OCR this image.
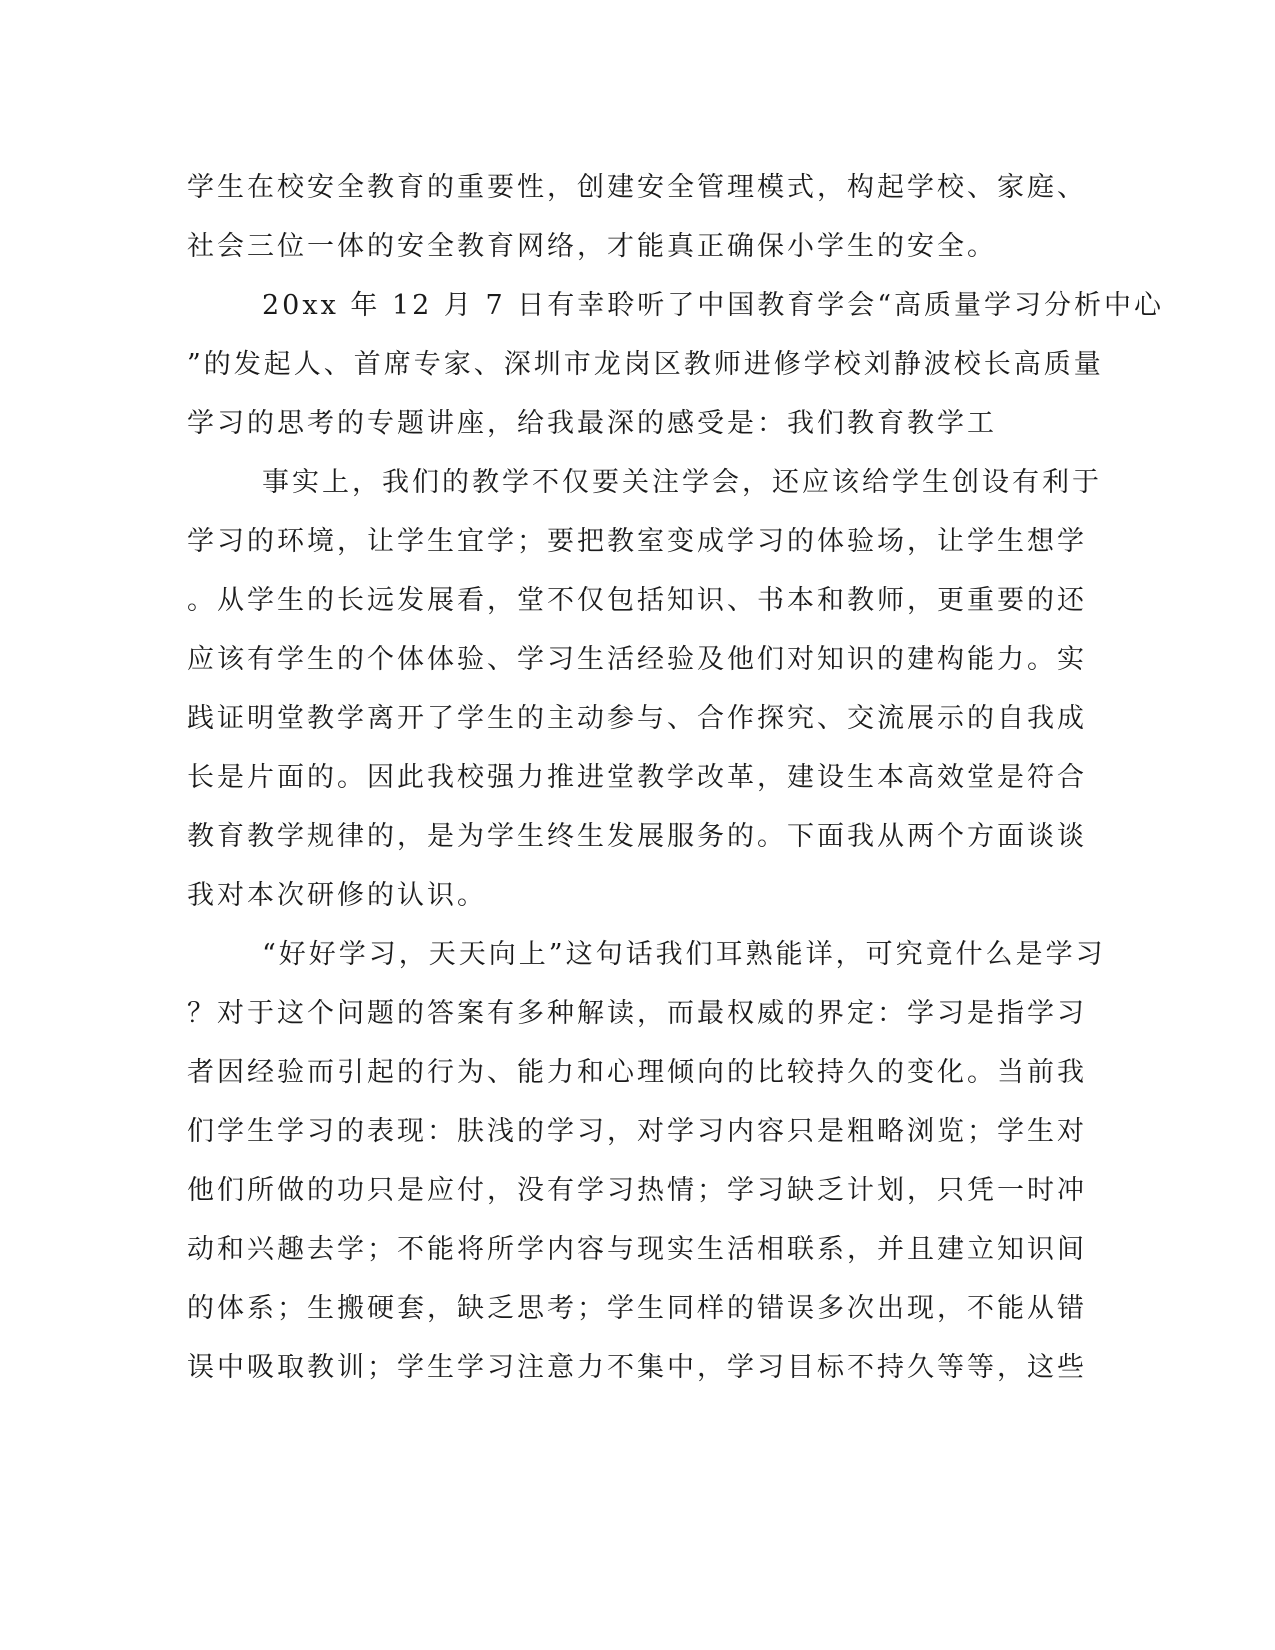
学生在校安全教育的重要性，创建安全管理模式，构起学校、家庭、
社会三位一体的安全教育网络，才能真正确保小学生的安全。
20xx 年 12 月 7 日有幸聆听了中国教育学会“高质量学习分析中心
”的发起人、首席专家、深圳市龙岗区教师进修学校刘静波校长高质量
学习的思考的专题讲座，给我最深的感受是：我们教育教学工
事实上，我们的教学不仅要关注学会，还应该给学生创设有利于
学习的环境，让学生宜学；要把教室变成学习的体验场，让学生想学
。从学生的长远发展看，堂不仅包括知识、书本和教师，更重要的还
应该有学生的个体体验、学习生活经验及他们对知识的建构能力。实
践证明堂教学离开了学生的主动参与、合作探究、交流展示的自我成
长是片面的。因此我校强力推进堂教学改革，建设生本高效堂是符合
教育教学规律的，是为学生终生发展服务的。下面我从两个方面谈谈
我对本次研修的认识。
“好好学习，天天向上”这句话我们耳熟能详，可究竟什么是学习
？对于这个问题的答案有多种解读，而最权威的界定：学习是指学习
者因经验而引起的行为、能力和心理倾向的比较持久的变化。当前我
们学生学习的表现：肤浅的学习，对学习内容只是粗略浏览；学生对
他们所做的功只是应付，没有学习热情；学习缺乏计划，只凭一时冲
动和兴趣去学；不能将所学内容与现实生活相联系，并且建立知识间
的体系；生搬硬套，缺乏思考；学生同样的错误多次出现，不能从错
误中吸取教训；学生学习注意力不集中，学习目标不持久等等，这些
